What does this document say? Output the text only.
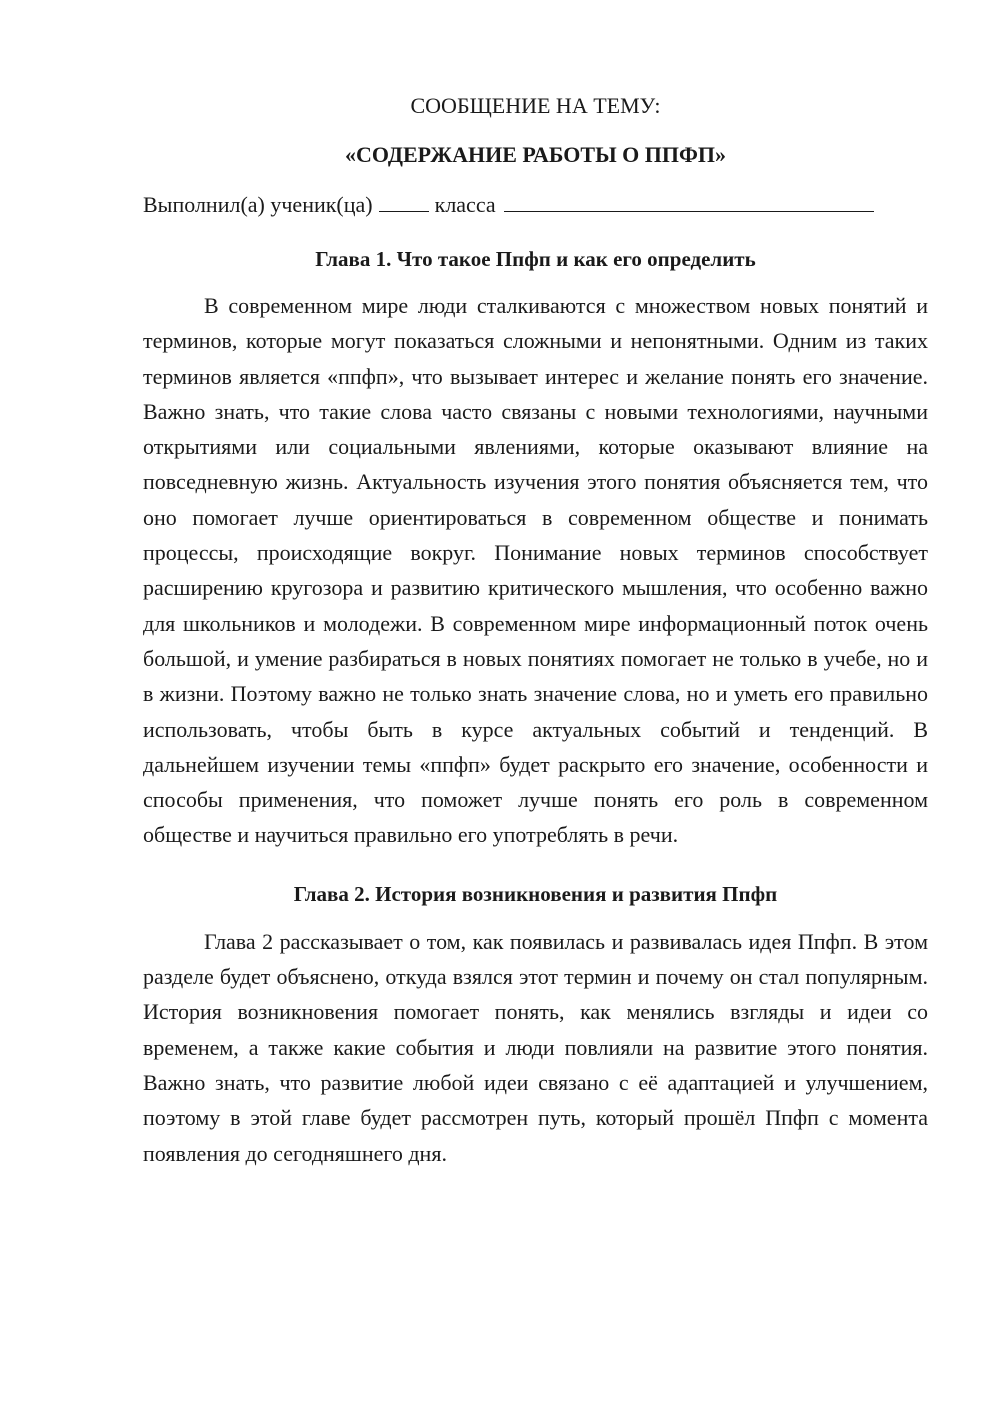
СООБЩЕНИЕ НА ТЕМУ:

«СОДЕРЖАНИЕ РАБОТЫ О ППФП»

Выполнил(а) ученик(ца)	класса
Глава 1. Что такое Ппфп и как его определить

В современном мире люди сталкиваются с множеством новых понятий и терминов, которые могут показаться сложными и непонятными. Одним из таких терминов является «ппфп», что вызывает интерес и желание понять его значение. Важно знать, что такие слова часто связаны с новыми технологиями, научными открытиями или социальными явлениями, которые оказывают влияние на повседневную жизнь. Актуальность изучения этого понятия объясняется тем, что оно помогает лучше ориентироваться в современном обществе и понимать процессы, происходящие вокруг. Понимание новых терминов способствует расширению кругозора и развитию критического мышления, что особенно важно для школьников и молодежи. В современном мире информационный поток очень большой, и умение разбираться в новых понятиях помогает не только в учебе, но и в жизни. Поэтому важно не только знать значение слова, но и уметь его правильно использовать, чтобы быть в курсе актуальных событий и тенденций. В дальнейшем изучении темы «ппфп» будет раскрыто его значение, особенности и способы применения, что поможет лучше понять его роль в современном обществе и научиться правильно его употреблять в речи.

Глава 2. История возникновения и развития Ппфп

Глава 2 рассказывает о том, как появилась и развивалась идея Ппфп. В этом разделе будет объяснено, откуда взялся этот термин и почему он стал популярным. История возникновения помогает понять, как менялись взгляды и идеи со временем, а также какие события и люди повлияли на развитие этого понятия. Важно знать, что развитие любой идеи связано с её адаптацией и улучшением, поэтому в этой главе будет рассмотрен путь, который прошёл Ппфп с момента появления до сегодняшнего дня.
